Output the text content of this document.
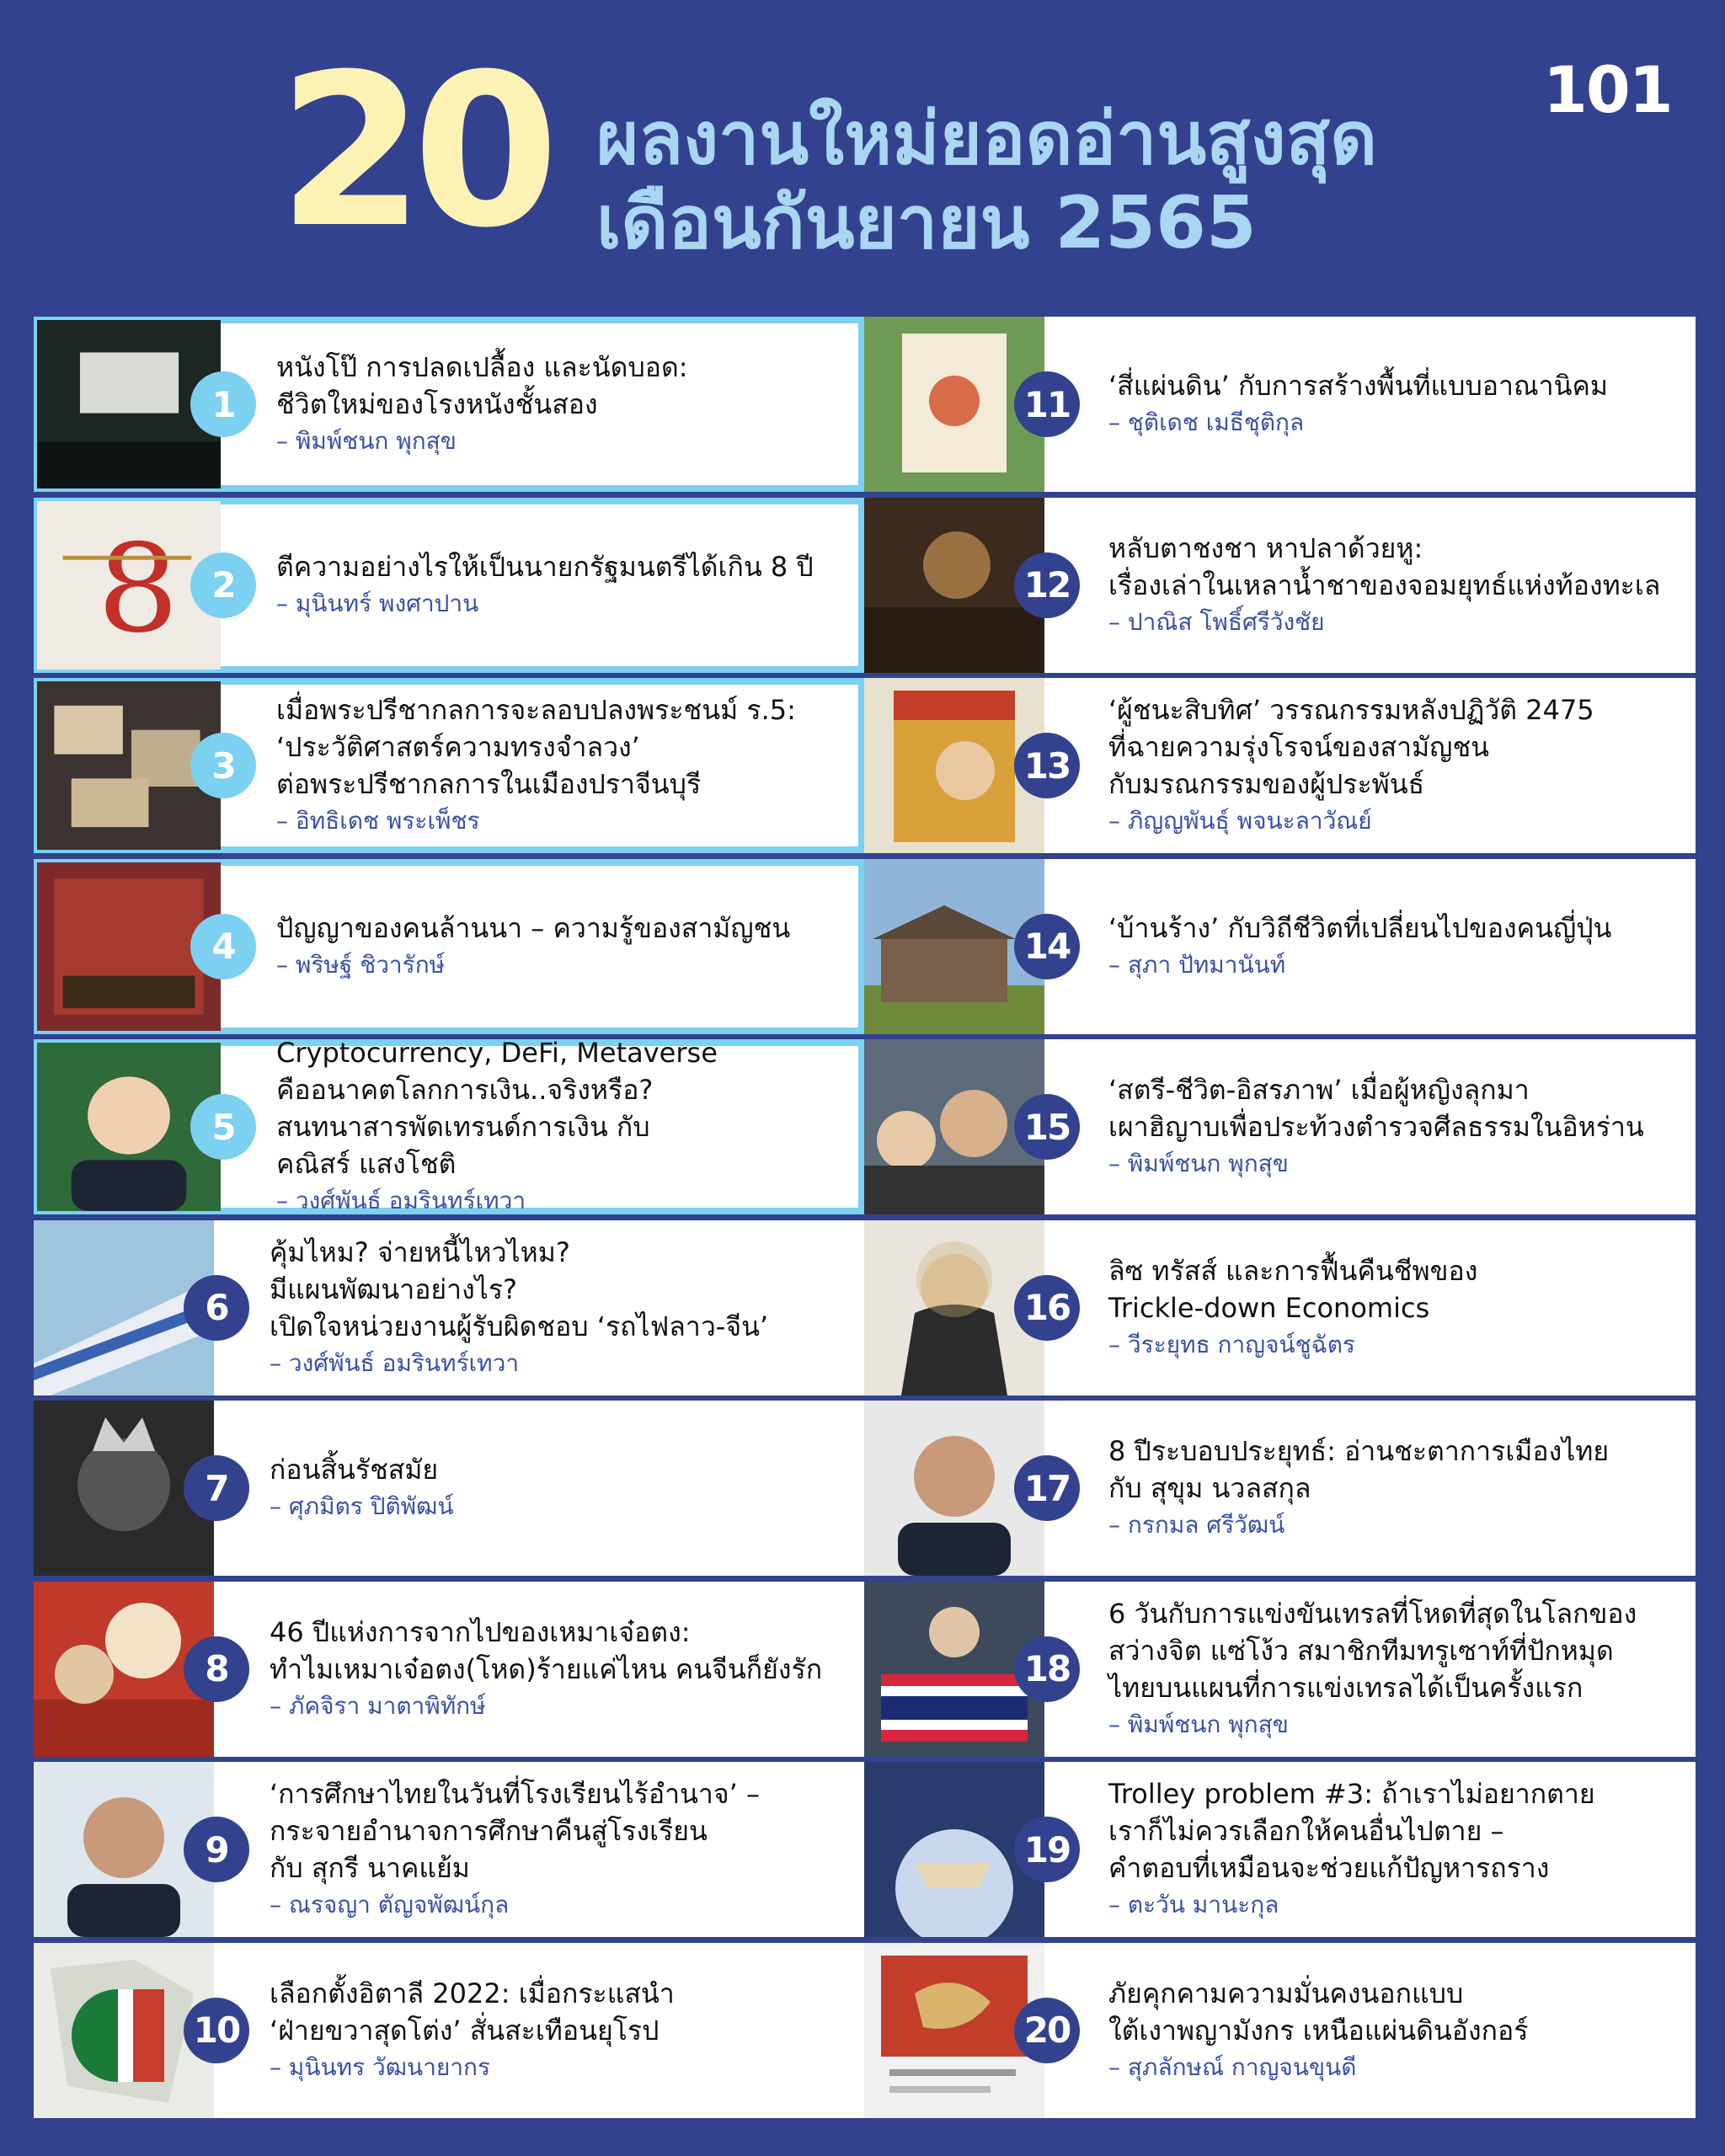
20 ผลงานใหม่ยอดอ่านสูงสุด
เดือนกันยายน 2565
101
1
หนังโป๊ การปลดเปลื้อง และนัดบอด:
ชีวิตใหม่ของโรงหนังชั้นสอง
– พิมพ์ชนก พุกสุข
8 2	ตีความอย่างไรให้เป็นนายกรัฐมนตรีได้เกิน 8 ปี
– มุนินทร์ พงศาปาน
3
เมื่อพระปรีชากลการจะลอบปลงพระชนม์ ร.5:
‘ประวัติศาสตร์ความทรงจำลวง’
ต่อพระปรีชากลการในเมืองปราจีนบุรี
– อิทธิเดช พระเพ็ชร
4	ปัญญาของคนล้านนา – ความรู้ของสามัญชน
– พริษฐ์ ชิวารักษ์
5
Cryptocurrency, DeFi, Metaverse
คืออนาคตโลกการเงิน..จริงหรือ?
สนทนาสารพัดเทรนด์การเงิน กับ
คณิสร์ แสงโชติ
– วงศ์พันธ์ อมรินทร์เทวา
6
คุ้มไหม? จ่ายหนี้ไหวไหม?
มีแผนพัฒนาอย่างไร?
เปิดใจหน่วยงานผู้รับผิดชอบ ‘รถไฟลาว-จีน’
– วงศ์พันธ์ อมรินทร์เทวา
7	ก่อนสิ้นรัชสมัย
– ศุภมิตร ปิติพัฒน์
8
46 ปีแห่งการจากไปของเหมาเจ๋อตง:
ทำไมเหมาเจ๋อตง(โหด)ร้ายแค่ไหน คนจีนก็ยังรัก
– ภัคจิรา มาตาพิทักษ์
9
‘การศึกษาไทยในวันที่โรงเรียนไร้อำนาจ’ –
กระจายอำนาจการศึกษาคืนสู่โรงเรียน
กับ สุกรี นาคแย้ม
– ณรจญา ตัญจพัฒน์กุล
10
เลือกตั้งอิตาลี 2022: เมื่อกระแสนำ
‘ฝ่ายขวาสุดโต่ง’ สั่นสะเทือนยุโรป
– มุนินทร วัฒนายากร
11	‘สี่แผ่นดิน’ กับการสร้างพื้นที่แบบอาณานิคม
– ชุติเดช เมธีชุติกุล
12
หลับตาชงชา หาปลาด้วยหู:
เรื่องเล่าในเหลาน้ำชาของจอมยุทธ์แห่งท้องทะเล
– ปาณิส โพธิ์ศรีวังชัย
13
‘ผู้ชนะสิบทิศ’ วรรณกรรมหลังปฏิวัติ 2475
ที่ฉายความรุ่งโรจน์ของสามัญชน
กับมรณกรรมของผู้ประพันธ์
– ภิญญพันธุ์ พจนะลาวัณย์
14	‘บ้านร้าง’ กับวิถีชีวิตที่เปลี่ยนไปของคนญี่ปุ่น
– สุภา ปัทมานันท์
15
‘สตรี-ชีวิต-อิสรภาพ’ เมื่อผู้หญิงลุกมา
เผาฮิญาบเพื่อประท้วงตำรวจศีลธรรมในอิหร่าน
– พิมพ์ชนก พุกสุข
16
ลิซ ทรัสส์ และการฟื้นคืนชีพของ
Trickle-down Economics
– วีระยุทธ กาญจน์ชูฉัตร
17
8 ปีระบอบประยุทธ์: อ่านชะตาการเมืองไทย
กับ สุขุม นวลสกุล
– กรกมล ศรีวัฒน์
18
6 วันกับการแข่งขันเทรลที่โหดที่สุดในโลกของ
สว่างจิต แซ่โง้ว สมาชิกทีมทรูเซาท์ที่ปักหมุด
ไทยบนแผนที่การแข่งเทรลได้เป็นครั้งแรก
– พิมพ์ชนก พุกสุข
19
Trolley problem #3: ถ้าเราไม่อยากตาย
เราก็ไม่ควรเลือกให้คนอื่นไปตาย –
คำตอบที่เหมือนจะช่วยแก้ปัญหารถราง
– ตะวัน มานะกุล
20
ภัยคุกคามความมั่นคงนอกแบบ
ใต้เงาพญามังกร เหนือแผ่นดินอังกอร์
– สุภลักษณ์ กาญจนขุนดี
